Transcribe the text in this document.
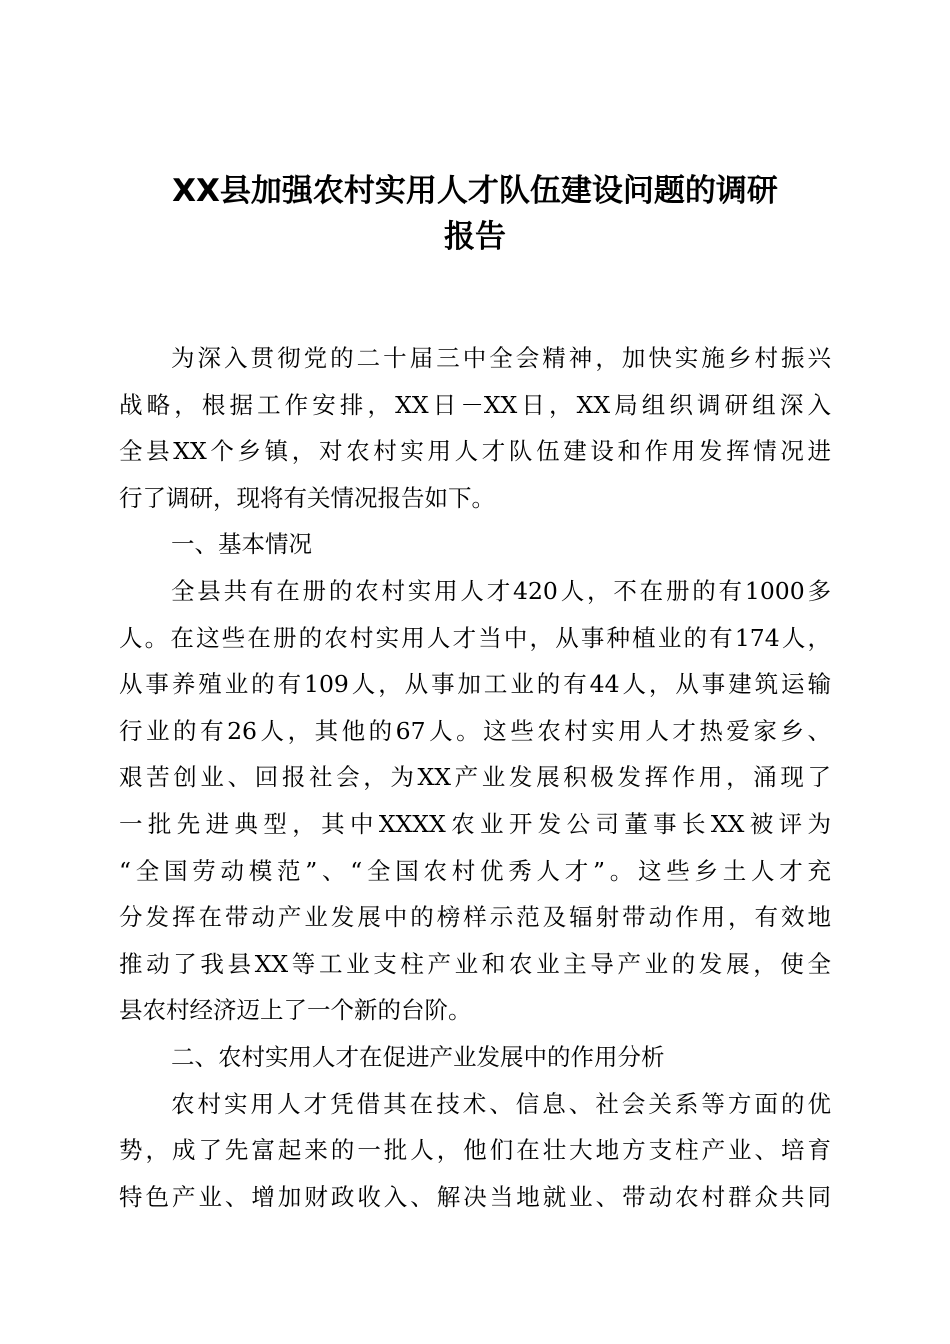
XX县加强农村实用人才队伍建设问题的调研
报告
为深入贯彻党的二十届三中全会精神，加快实施乡村振兴
战略，根据工作安排，XX日－XX日，XX局组织调研组深入
全县XX个乡镇，对农村实用人才队伍建设和作用发挥情况进
行了调研，现将有关情况报告如下。
一、基本情况
全县共有在册的农村实用人才420人，不在册的有1000多
人。在这些在册的农村实用人才当中，从事种植业的有174人，
从事养殖业的有109人，从事加工业的有44人，从事建筑运输
行业的有26人，其他的67人。这些农村实用人才热爱家乡、
艰苦创业、回报社会，为XX产业发展积极发挥作用，涌现了
一批先进典型，其中XXXX农业开发公司董事长XX被评为
“全国劳动模范”、“全国农村优秀人才”。这些乡土人才充
分发挥在带动产业发展中的榜样示范及辐射带动作用，有效地
推动了我县XX等工业支柱产业和农业主导产业的发展，使全
县农村经济迈上了一个新的台阶。
二、农村实用人才在促进产业发展中的作用分析
农村实用人才凭借其在技术、信息、社会关系等方面的优
势，成了先富起来的一批人，他们在壮大地方支柱产业、培育
特色产业、增加财政收入、解决当地就业、带动农村群众共同
